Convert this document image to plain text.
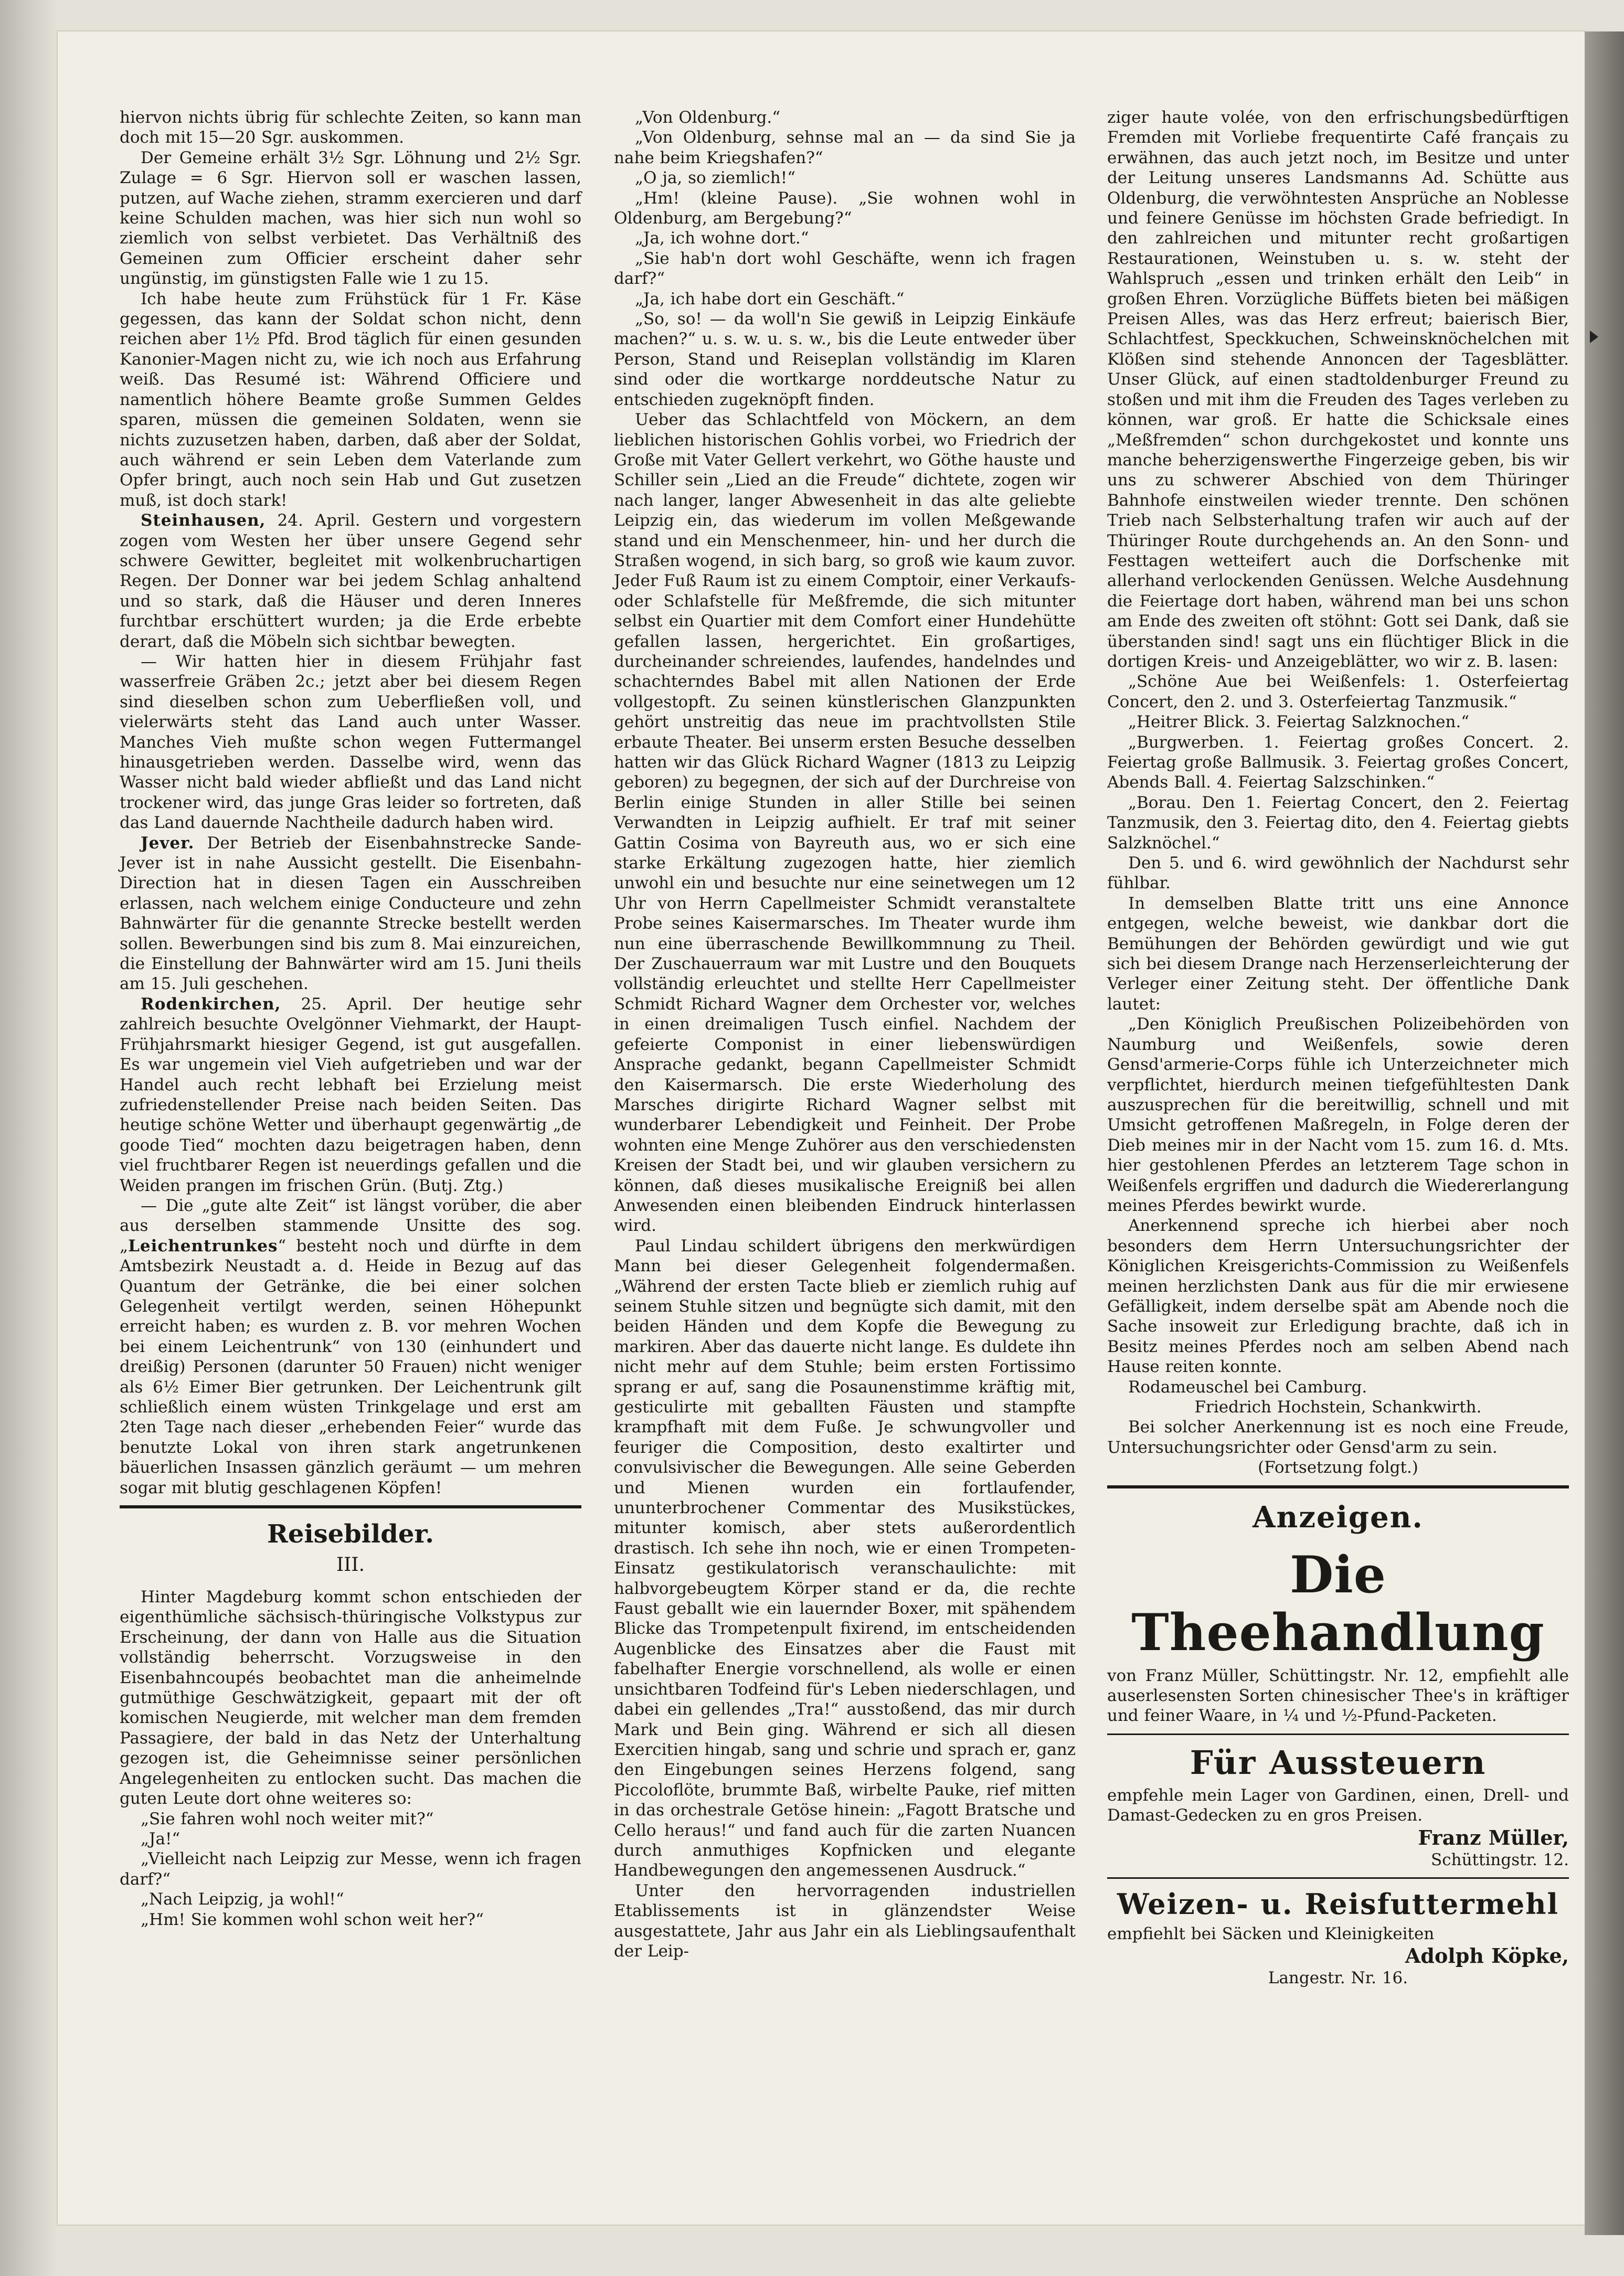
hiervon nichts übrig für schlechte Zeiten, so kann man doch mit 15—20 Sgr. auskommen.

Der Gemeine erhält 3½ Sgr. Löhnung und 2½ Sgr. Zulage = 6 Sgr. Hiervon soll er waschen lassen, putzen, auf Wache ziehen, stramm exercieren und darf keine Schulden machen, was hier sich nun wohl so ziemlich von selbst verbietet. Das Verhältniß des Gemeinen zum Officier erscheint daher sehr ungünstig, im günstigsten Falle wie 1 zu 15.

Ich habe heute zum Frühstück für 1 Fr. Käse gegessen, das kann der Soldat schon nicht, denn reichen aber 1½ Pfd. Brod täglich für einen gesunden Kanonier-Magen nicht zu, wie ich noch aus Erfahrung weiß. Das Resumé ist: Während Officiere und namentlich höhere Beamte große Summen Geldes sparen, müssen die gemeinen Soldaten, wenn sie nichts zuzusetzen haben, darben, daß aber der Soldat, auch während er sein Leben dem Vaterlande zum Opfer bringt, auch noch sein Hab und Gut zusetzen muß, ist doch stark!

Steinhausen, 24. April. Gestern und vorgestern zogen vom Westen her über unsere Gegend sehr schwere Gewitter, begleitet mit wolkenbruchartigen Regen. Der Donner war bei jedem Schlag anhaltend und so stark, daß die Häuser und deren Inneres furchtbar erschüttert wurden; ja die Erde erbebte derart, daß die Möbeln sich sichtbar bewegten.

— Wir hatten hier in diesem Frühjahr fast wasserfreie Gräben 2c.; jetzt aber bei diesem Regen sind dieselben schon zum Ueberfließen voll, und vielerwärts steht das Land auch unter Wasser. Manches Vieh mußte schon wegen Futtermangel hinausgetrieben werden. Dasselbe wird, wenn das Wasser nicht bald wieder abfließt und das Land nicht trockener wird, das junge Gras leider so fortreten, daß das Land dauernde Nachtheile dadurch haben wird.

Jever. Der Betrieb der Eisenbahnstrecke Sande-Jever ist in nahe Aussicht gestellt. Die Eisenbahn-Direction hat in diesen Tagen ein Ausschreiben erlassen, nach welchem einige Conducteure und zehn Bahnwärter für die genannte Strecke bestellt werden sollen. Bewerbungen sind bis zum 8. Mai einzureichen, die Einstellung der Bahnwärter wird am 15. Juni theils am 15. Juli geschehen.

Rodenkirchen, 25. April. Der heutige sehr zahlreich besuchte Ovelgönner Viehmarkt, der Haupt-Frühjahrsmarkt hiesiger Gegend, ist gut ausgefallen. Es war ungemein viel Vieh aufgetrieben und war der Handel auch recht lebhaft bei Erzielung meist zufriedenstellender Preise nach beiden Seiten. Das heutige schöne Wetter und überhaupt gegenwärtig „de goode Tied“ mochten dazu beigetragen haben, denn viel fruchtbarer Regen ist neuerdings gefallen und die Weiden prangen im frischen Grün. (Butj. Ztg.)

— Die „gute alte Zeit“ ist längst vorüber, die aber aus derselben stammende Unsitte des sog. „Leichentrunkes“ besteht noch und dürfte in dem Amtsbezirk Neustadt a. d. Heide in Bezug auf das Quantum der Getränke, die bei einer solchen Gelegenheit vertilgt werden, seinen Höhepunkt erreicht haben; es wurden z. B. vor mehren Wochen bei einem Leichentrunk“ von 130 (einhundert und dreißig) Personen (darunter 50 Frauen) nicht weniger als 6½ Eimer Bier getrunken. Der Leichentrunk gilt schließlich einem wüsten Trinkgelage und erst am 2ten Tage nach dieser „erhebenden Feier“ wurde das benutzte Lokal von ihren stark angetrunkenen bäuerlichen Insassen gänzlich geräumt — um mehren sogar mit blutig geschlagenen Köpfen!

Reisebilder.
III.

Hinter Magdeburg kommt schon entschieden der eigenthümliche sächsisch-thüringische Volkstypus zur Erscheinung, der dann von Halle aus die Situation vollständig beherrscht. Vorzugsweise in den Eisenbahncoupés beobachtet man die anheimelnde gutmüthige Geschwätzigkeit, gepaart mit der oft komischen Neugierde, mit welcher man dem fremden Passagiere, der bald in das Netz der Unterhaltung gezogen ist, die Geheimnisse seiner persönlichen Angelegenheiten zu entlocken sucht. Das machen die guten Leute dort ohne weiteres so:

„Sie fahren wohl noch weiter mit?“

„Ja!“

„Vielleicht nach Leipzig zur Messe, wenn ich fragen darf?“

„Nach Leipzig, ja wohl!“

„Hm! Sie kommen wohl schon weit her?“

„Von Oldenburg.“

„Von Oldenburg, sehnse mal an — da sind Sie ja nahe beim Kriegshafen?“

„O ja, so ziemlich!“

„Hm! (kleine Pause). „Sie wohnen wohl in Oldenburg, am Bergebung?“

„Ja, ich wohne dort.“

„Sie hab'n dort wohl Geschäfte, wenn ich fragen darf?“

„Ja, ich habe dort ein Geschäft.“

„So, so! — da woll'n Sie gewiß in Leipzig Einkäufe machen?“ u. s. w. u. s. w., bis die Leute entweder über Person, Stand und Reiseplan vollständig im Klaren sind oder die wortkarge norddeutsche Natur zu entschieden zugeknöpft finden.

Ueber das Schlachtfeld von Möckern, an dem lieblichen historischen Gohlis vorbei, wo Friedrich der Große mit Vater Gellert verkehrt, wo Göthe hauste und Schiller sein „Lied an die Freude“ dichtete, zogen wir nach langer, langer Abwesenheit in das alte geliebte Leipzig ein, das wiederum im vollen Meßgewande stand und ein Menschenmeer, hin- und her durch die Straßen wogend, in sich barg, so groß wie kaum zuvor. Jeder Fuß Raum ist zu einem Comptoir, einer Verkaufs- oder Schlafstelle für Meßfremde, die sich mitunter selbst ein Quartier mit dem Comfort einer Hundehütte gefallen lassen, hergerichtet. Ein großartiges, durcheinander schreiendes, laufendes, handelndes und schachterndes Babel mit allen Nationen der Erde vollgestopft. Zu seinen künstlerischen Glanzpunkten gehört unstreitig das neue im prachtvollsten Stile erbaute Theater. Bei unserm ersten Besuche desselben hatten wir das Glück Richard Wagner (1813 zu Leipzig geboren) zu begegnen, der sich auf der Durchreise von Berlin einige Stunden in aller Stille bei seinen Verwandten in Leipzig aufhielt. Er traf mit seiner Gattin Cosima von Bayreuth aus, wo er sich eine starke Erkältung zugezogen hatte, hier ziemlich unwohl ein und besuchte nur eine seinetwegen um 12 Uhr von Herrn Capellmeister Schmidt veranstaltete Probe seines Kaisermarsches. Im Theater wurde ihm nun eine überraschende Bewillkommnung zu Theil. Der Zuschauerraum war mit Lustre und den Bouquets vollständig erleuchtet und stellte Herr Capellmeister Schmidt Richard Wagner dem Orchester vor, welches in einen dreimaligen Tusch einfiel. Nachdem der gefeierte Componist in einer liebenswürdigen Ansprache gedankt, begann Capellmeister Schmidt den Kaisermarsch. Die erste Wiederholung des Marsches dirigirte Richard Wagner selbst mit wunderbarer Lebendigkeit und Feinheit. Der Probe wohnten eine Menge Zuhörer aus den verschiedensten Kreisen der Stadt bei, und wir glauben versichern zu können, daß dieses musikalische Ereigniß bei allen Anwesenden einen bleibenden Eindruck hinterlassen wird.

Paul Lindau schildert übrigens den merkwürdigen Mann bei dieser Gelegenheit folgendermaßen. „Während der ersten Tacte blieb er ziemlich ruhig auf seinem Stuhle sitzen und begnügte sich damit, mit den beiden Händen und dem Kopfe die Bewegung zu markiren. Aber das dauerte nicht lange. Es duldete ihn nicht mehr auf dem Stuhle; beim ersten Fortissimo sprang er auf, sang die Posaunenstimme kräftig mit, gesticulirte mit geballten Fäusten und stampfte krampfhaft mit dem Fuße. Je schwungvoller und feuriger die Composition, desto exaltirter und convulsivischer die Bewegungen. Alle seine Geberden und Mienen wurden ein fortlaufender, ununterbrochener Commentar des Musikstückes, mitunter komisch, aber stets außerordentlich drastisch. Ich sehe ihn noch, wie er einen Trompeten-Einsatz gestikulatorisch veranschaulichte: mit halbvorgebeugtem Körper stand er da, die rechte Faust geballt wie ein lauernder Boxer, mit spähendem Blicke das Trompetenpult fixirend, im entscheidenden Augenblicke des Einsatzes aber die Faust mit fabelhafter Energie vorschnellend, als wolle er einen unsichtbaren Todfeind für's Leben niederschlagen, und dabei ein gellendes „Tra!“ ausstoßend, das mir durch Mark und Bein ging. Während er sich all diesen Exercitien hingab, sang und schrie und sprach er, ganz den Eingebungen seines Herzens folgend, sang Piccoloflöte, brummte Baß, wirbelte Pauke, rief mitten in das orchestrale Getöse hinein: „Fagott Bratsche und Cello heraus!“ und fand auch für die zarten Nuancen durch anmuthiges Kopfnicken und elegante Handbewegungen den angemessenen Ausdruck.“

Unter den hervorragenden industriellen Etablissements ist in glänzendster Weise ausgestattete, Jahr aus Jahr ein als Lieblingsaufenthalt der Leip-

ziger haute volée, von den erfrischungsbedürftigen Fremden mit Vorliebe frequentirte Café français zu erwähnen, das auch jetzt noch, im Besitze und unter der Leitung unseres Landsmanns Ad. Schütte aus Oldenburg, die verwöhntesten Ansprüche an Noblesse und feinere Genüsse im höchsten Grade befriedigt. In den zahlreichen und mitunter recht großartigen Restaurationen, Weinstuben u. s. w. steht der Wahlspruch „essen und trinken erhält den Leib“ in großen Ehren. Vorzügliche Büffets bieten bei mäßigen Preisen Alles, was das Herz erfreut; baierisch Bier, Schlachtfest, Speckkuchen, Schweinsknöchelchen mit Klößen sind stehende Annoncen der Tagesblätter. Unser Glück, auf einen stadtoldenburger Freund zu stoßen und mit ihm die Freuden des Tages verleben zu können, war groß. Er hatte die Schicksale eines „Meßfremden“ schon durchgekostet und konnte uns manche beherzigenswerthe Fingerzeige geben, bis wir uns zu schwerer Abschied von dem Thüringer Bahnhofe einstweilen wieder trennte. Den schönen Trieb nach Selbsterhaltung trafen wir auch auf der Thüringer Route durchgehends an. An den Sonn- und Festtagen wetteifert auch die Dorfschenke mit allerhand verlockenden Genüssen. Welche Ausdehnung die Feiertage dort haben, während man bei uns schon am Ende des zweiten oft stöhnt: Gott sei Dank, daß sie überstanden sind! sagt uns ein flüchtiger Blick in die dortigen Kreis- und Anzeigeblätter, wo wir z. B. lasen:

„Schöne Aue bei Weißenfels: 1. Osterfeiertag Concert, den 2. und 3. Osterfeiertag Tanzmusik.“

„Heitrer Blick. 3. Feiertag Salzknochen.“

„Burgwerben. 1. Feiertag großes Concert. 2. Feiertag große Ballmusik. 3. Feiertag großes Concert, Abends Ball. 4. Feiertag Salzschinken.“

„Borau. Den 1. Feiertag Concert, den 2. Feiertag Tanzmusik, den 3. Feiertag dito, den 4. Feiertag giebts Salzknöchel.“

Den 5. und 6. wird gewöhnlich der Nachdurst sehr fühlbar.

In demselben Blatte tritt uns eine Annonce entgegen, welche beweist, wie dankbar dort die Bemühungen der Behörden gewürdigt und wie gut sich bei diesem Drange nach Herzenserleichterung der Verleger einer Zeitung steht. Der öffentliche Dank lautet:

„Den Königlich Preußischen Polizeibehörden von Naumburg und Weißenfels, sowie deren Gensd'armerie-Corps fühle ich Unterzeichneter mich verpflichtet, hierdurch meinen tiefgefühltesten Dank auszusprechen für die bereitwillig, schnell und mit Umsicht getroffenen Maßregeln, in Folge deren der Dieb meines mir in der Nacht vom 15. zum 16. d. Mts. hier gestohlenen Pferdes an letzterem Tage schon in Weißenfels ergriffen und dadurch die Wiedererlangung meines Pferdes bewirkt wurde.

Anerkennend spreche ich hierbei aber noch besonders dem Herrn Untersuchungsrichter der Königlichen Kreisgerichts-Commission zu Weißenfels meinen herzlichsten Dank aus für die mir erwiesene Gefälligkeit, indem derselbe spät am Abende noch die Sache insoweit zur Erledigung brachte, daß ich in Besitz meines Pferdes noch am selben Abend nach Hause reiten konnte.

Rodameuschel bei Camburg.

Friedrich Hochstein, Schankwirth.

Bei solcher Anerkennung ist es noch eine Freude, Untersuchungsrichter oder Gensd'arm zu sein.

(Fortsetzung folgt.)

Anzeigen.
Die Theehandlung

von Franz Müller, Schüttingstr. Nr. 12, empfiehlt alle auserlesensten Sorten chinesischer Thee's in kräftiger und feiner Waare, in ¼ und ½-Pfund-Packeten.

Für Aussteuern

empfehle mein Lager von Gardinen, einen, Drell- und Damast-Gedecken zu en gros Preisen.

Franz Müller,

Schüttingstr. 12.

Weizen- u. Reisfuttermehl

empfiehlt bei Säcken und Kleinigkeiten

Adolph Köpke,

Langestr. Nr. 16.
